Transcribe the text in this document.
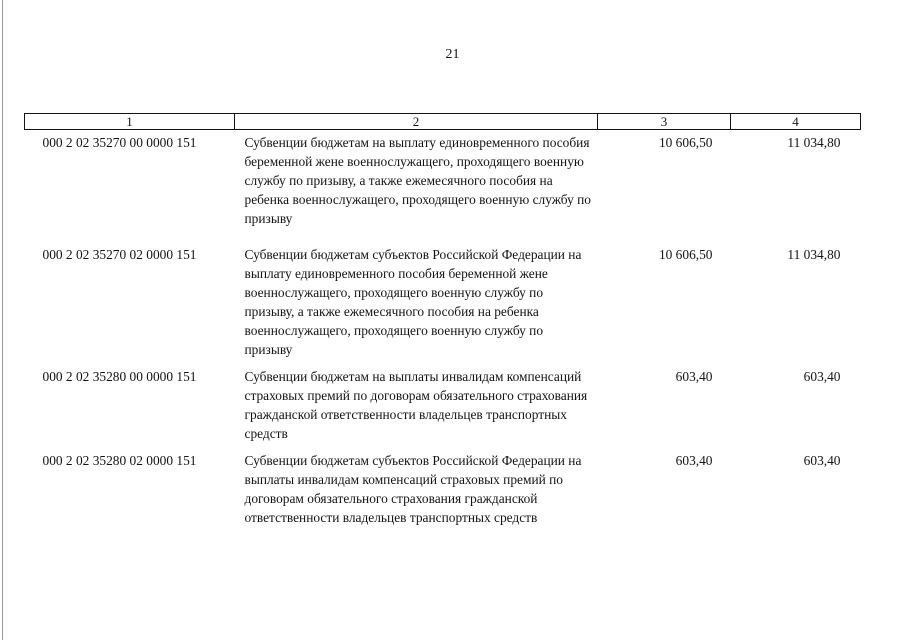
21
1	2	3	4
000 2 02 35270 00 0000 151	Субвенции бюджетам на выплату единовременного пособия беременной жене военнослужащего, проходящего военную службу по призыву, а также ежемесячного пособия на ребенка военнослужащего, проходящего военную службу по призыву	10 606,50	11 034,80
000 2 02 35270 02 0000 151	Субвенции бюджетам субъектов Российской Федерации на выплату единовременного пособия беременной жене военнослужащего, проходящего военную службу по призыву, а также ежемесячного пособия на ребенка военнослужащего, проходящего военную службу по призыву	10 606,50	11 034,80
000 2 02 35280 00 0000 151	Субвенции бюджетам на выплаты инвалидам компенсаций страховых премий по договорам обязательного страхования гражданской ответственности владельцев транспортных средств	603,40	603,40
000 2 02 35280 02 0000 151	Субвенции бюджетам субъектов Российской Федерации на выплаты инвалидам компенсаций страховых премий по договорам обязательного страхования гражданской ответственности владельцев транспортных средств	603,40	603,40
